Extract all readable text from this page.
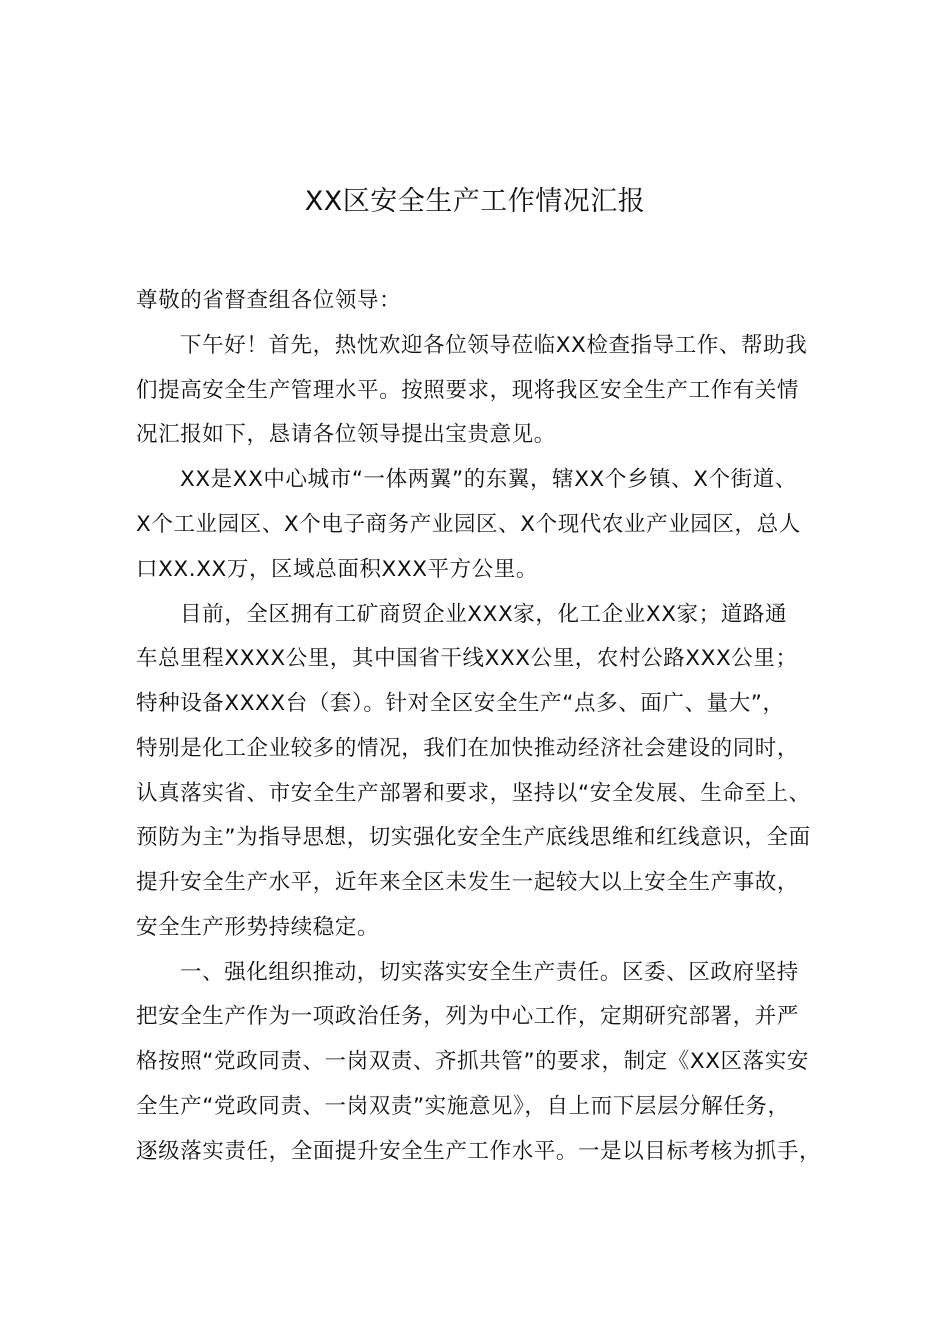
XX区安全生产工作情况汇报
尊敬的省督查组各位领导：
下午好！首先，热忱欢迎各位领导莅临XX检查指导工作、帮助我
们提高安全生产管理水平。按照要求，现将我区安全生产工作有关情
况汇报如下，恳请各位领导提出宝贵意见。
XX是XX中心城市“一体两翼”的东翼，辖XX个乡镇、X个街道、
X个工业园区、X个电子商务产业园区、X个现代农业产业园区，总人
口XX.XX万，区域总面积XXX平方公里。
目前，全区拥有工矿商贸企业XXX家，化工企业XX家；道路通
车总里程XXXX公里，其中国省干线XXX公里，农村公路XXX公里；
特种设备XXXX台（套）。针对全区安全生产“点多、面广、量大”，
特别是化工企业较多的情况，我们在加快推动经济社会建设的同时，
认真落实省、市安全生产部署和要求，坚持以“安全发展、生命至上、
预防为主”为指导思想，切实强化安全生产底线思维和红线意识，全面
提升安全生产水平，近年来全区未发生一起较大以上安全生产事故，
安全生产形势持续稳定。
一、强化组织推动，切实落实安全生产责任。区委、区政府坚持
把安全生产作为一项政治任务，列为中心工作，定期研究部署，并严
格按照“党政同责、一岗双责、齐抓共管”的要求，制定《XX区落实安
全生产“党政同责、一岗双责”实施意见》，自上而下层层分解任务，
逐级落实责任，全面提升安全生产工作水平。一是以目标考核为抓手，
